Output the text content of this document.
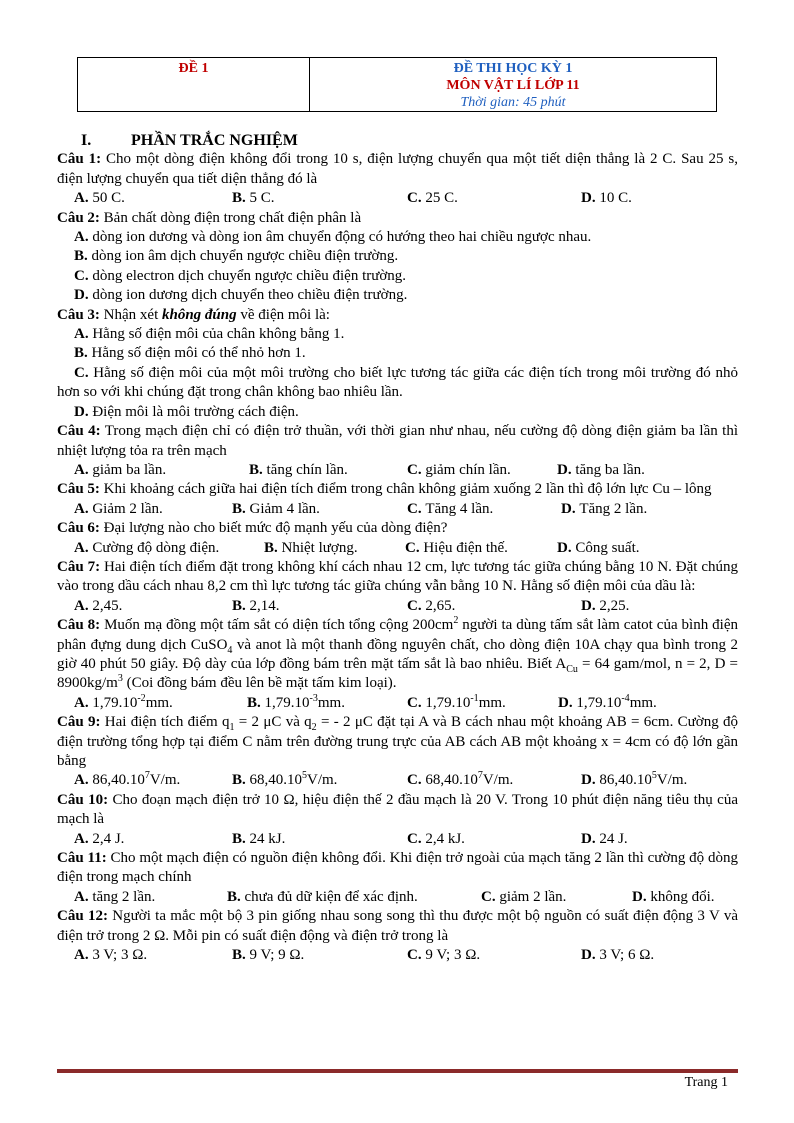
ĐỀ 1	ĐỀ THI HỌC KỲ 1
MÔN VẬT LÍ LỚP 11
Thời gian: 45 phút
I. PHẦN TRẮC NGHIỆM
Câu 1: Cho một dòng điện không đổi trong 10 s, điện lượng chuyển qua một tiết diện thẳng là 2 C. Sau 25 s, điện lượng chuyển qua tiết diện thẳng đó là
A. 50 C.	B. 5 C.	C. 25 C.	D. 10 C.
Câu 2: Bản chất dòng điện trong chất điện phân là
A. dòng ion dương và dòng ion âm chuyển động có hướng theo hai chiều ngược nhau.
B. dòng ion âm dịch chuyển ngược chiều điện trường.
C. dòng electron dịch chuyển ngược chiều điện trường.
D. dòng ion dương dịch chuyển theo chiều điện trường.
Câu 3: Nhận xét không đúng về điện môi là:
A. Hằng số điện môi của chân không bằng 1.
B. Hằng số điện môi có thể nhỏ hơn 1.
C. Hằng số điện môi của một môi trường cho biết lực tương tác giữa các điện tích trong môi trường đó nhỏ hơn so với khi chúng đặt trong chân không bao nhiêu lần.
D. Điện môi là môi trường cách điện.
Câu 4: Trong mạch điện chỉ có điện trở thuần, với thời gian như nhau, nếu cường độ dòng điện giảm ba lần thì nhiệt lượng tỏa ra trên mạch
A. giảm ba lần.	B. tăng chín lần.	C. giảm chín lần.	D. tăng ba lần.
Câu 5: Khi khoảng cách giữa hai điện tích điểm trong chân không giảm xuống 2 lần thì độ lớn lực Cu – lông
A. Giảm 2 lần.	B. Giảm 4 lần.	C. Tăng 4 lần.	D. Tăng 2 lần.
Câu 6: Đại lượng nào cho biết mức độ mạnh yếu của dòng điện?
A. Cường độ dòng điện.	B. Nhiệt lượng.	C. Hiệu điện thế.	D. Công suất.
Câu 7: Hai điện tích điểm đặt trong không khí cách nhau 12 cm, lực tương tác giữa chúng bằng 10 N. Đặt chúng vào trong dầu cách nhau 8,2 cm thì lực tương tác giữa chúng vẫn bằng 10 N. Hằng số điện môi của dầu là:
A. 2,45.	B. 2,14.	C. 2,65.	D. 2,25.
Câu 8: Muốn mạ đồng một tấm sắt có diện tích tổng cộng $200cm^2$ người ta dùng tấm sắt làm catot của bình điện phân đựng dung dịch CuSO$_4$ và anot là một thanh đồng nguyên chất, cho dòng điện 10A chạy qua bình trong 2 giờ 40 phút 50 giây. Độ dày của lớp đồng bám trên mặt tấm sắt là bao nhiêu. Biết $A_{Cu} = 64$ gam/mol, n = 2, $D = 8900kg/m^3$ (Coi đồng bám đều lên bề mặt tấm kim loại).
A. $1,79.10^{-2}mm$.	B. $1,79.10^{-3}mm$.	C. $1,79.10^{-1}mm$.	D. $1,79.10^{-4}mm$.
Câu 9: Hai điện tích điểm $q_1 = 2$ μC và $q_2$ = - 2 μC đặt tại A và B cách nhau một khoảng AB = 6cm. Cường độ điện trường tổng hợp tại điểm C nằm trên đường trung trực của AB cách AB một khoảng x = 4cm có độ lớn gần bằng
A. 86,40.10$^7$V/m.	B. 68,40.10$^5$V/m.	C. 68,40.10$^7$V/m.	D. 86,40.10$^5$V/m.
Câu 10: Cho đoạn mạch điện trở 10 Ω, hiệu điện thế 2 đầu mạch là 20 V. Trong 10 phút điện năng tiêu thụ của mạch là
A. 2,4 J.	B. 24 kJ.	C. 2,4 kJ.	D. 24 J.
Câu 11: Cho một mạch điện có nguồn điện không đổi. Khi điện trở ngoài của mạch tăng 2 lần thì cường độ dòng điện trong mạch chính
A. tăng 2 lần.	B. chưa đủ dữ kiện để xác định.	C. giảm 2 lần.	D. không đổi.
Câu 12: Người ta mắc một bộ 3 pin giống nhau song song thì thu được một bộ nguồn có suất điện động 3 V và điện trở trong 2 Ω. Mỗi pin có suất điện động và điện trở trong là
A. 3 V; 3 Ω.	B. 9 V; 9 Ω.	C. 9 V; 3 Ω.	D. 3 V; 6 Ω.
Trang 1
